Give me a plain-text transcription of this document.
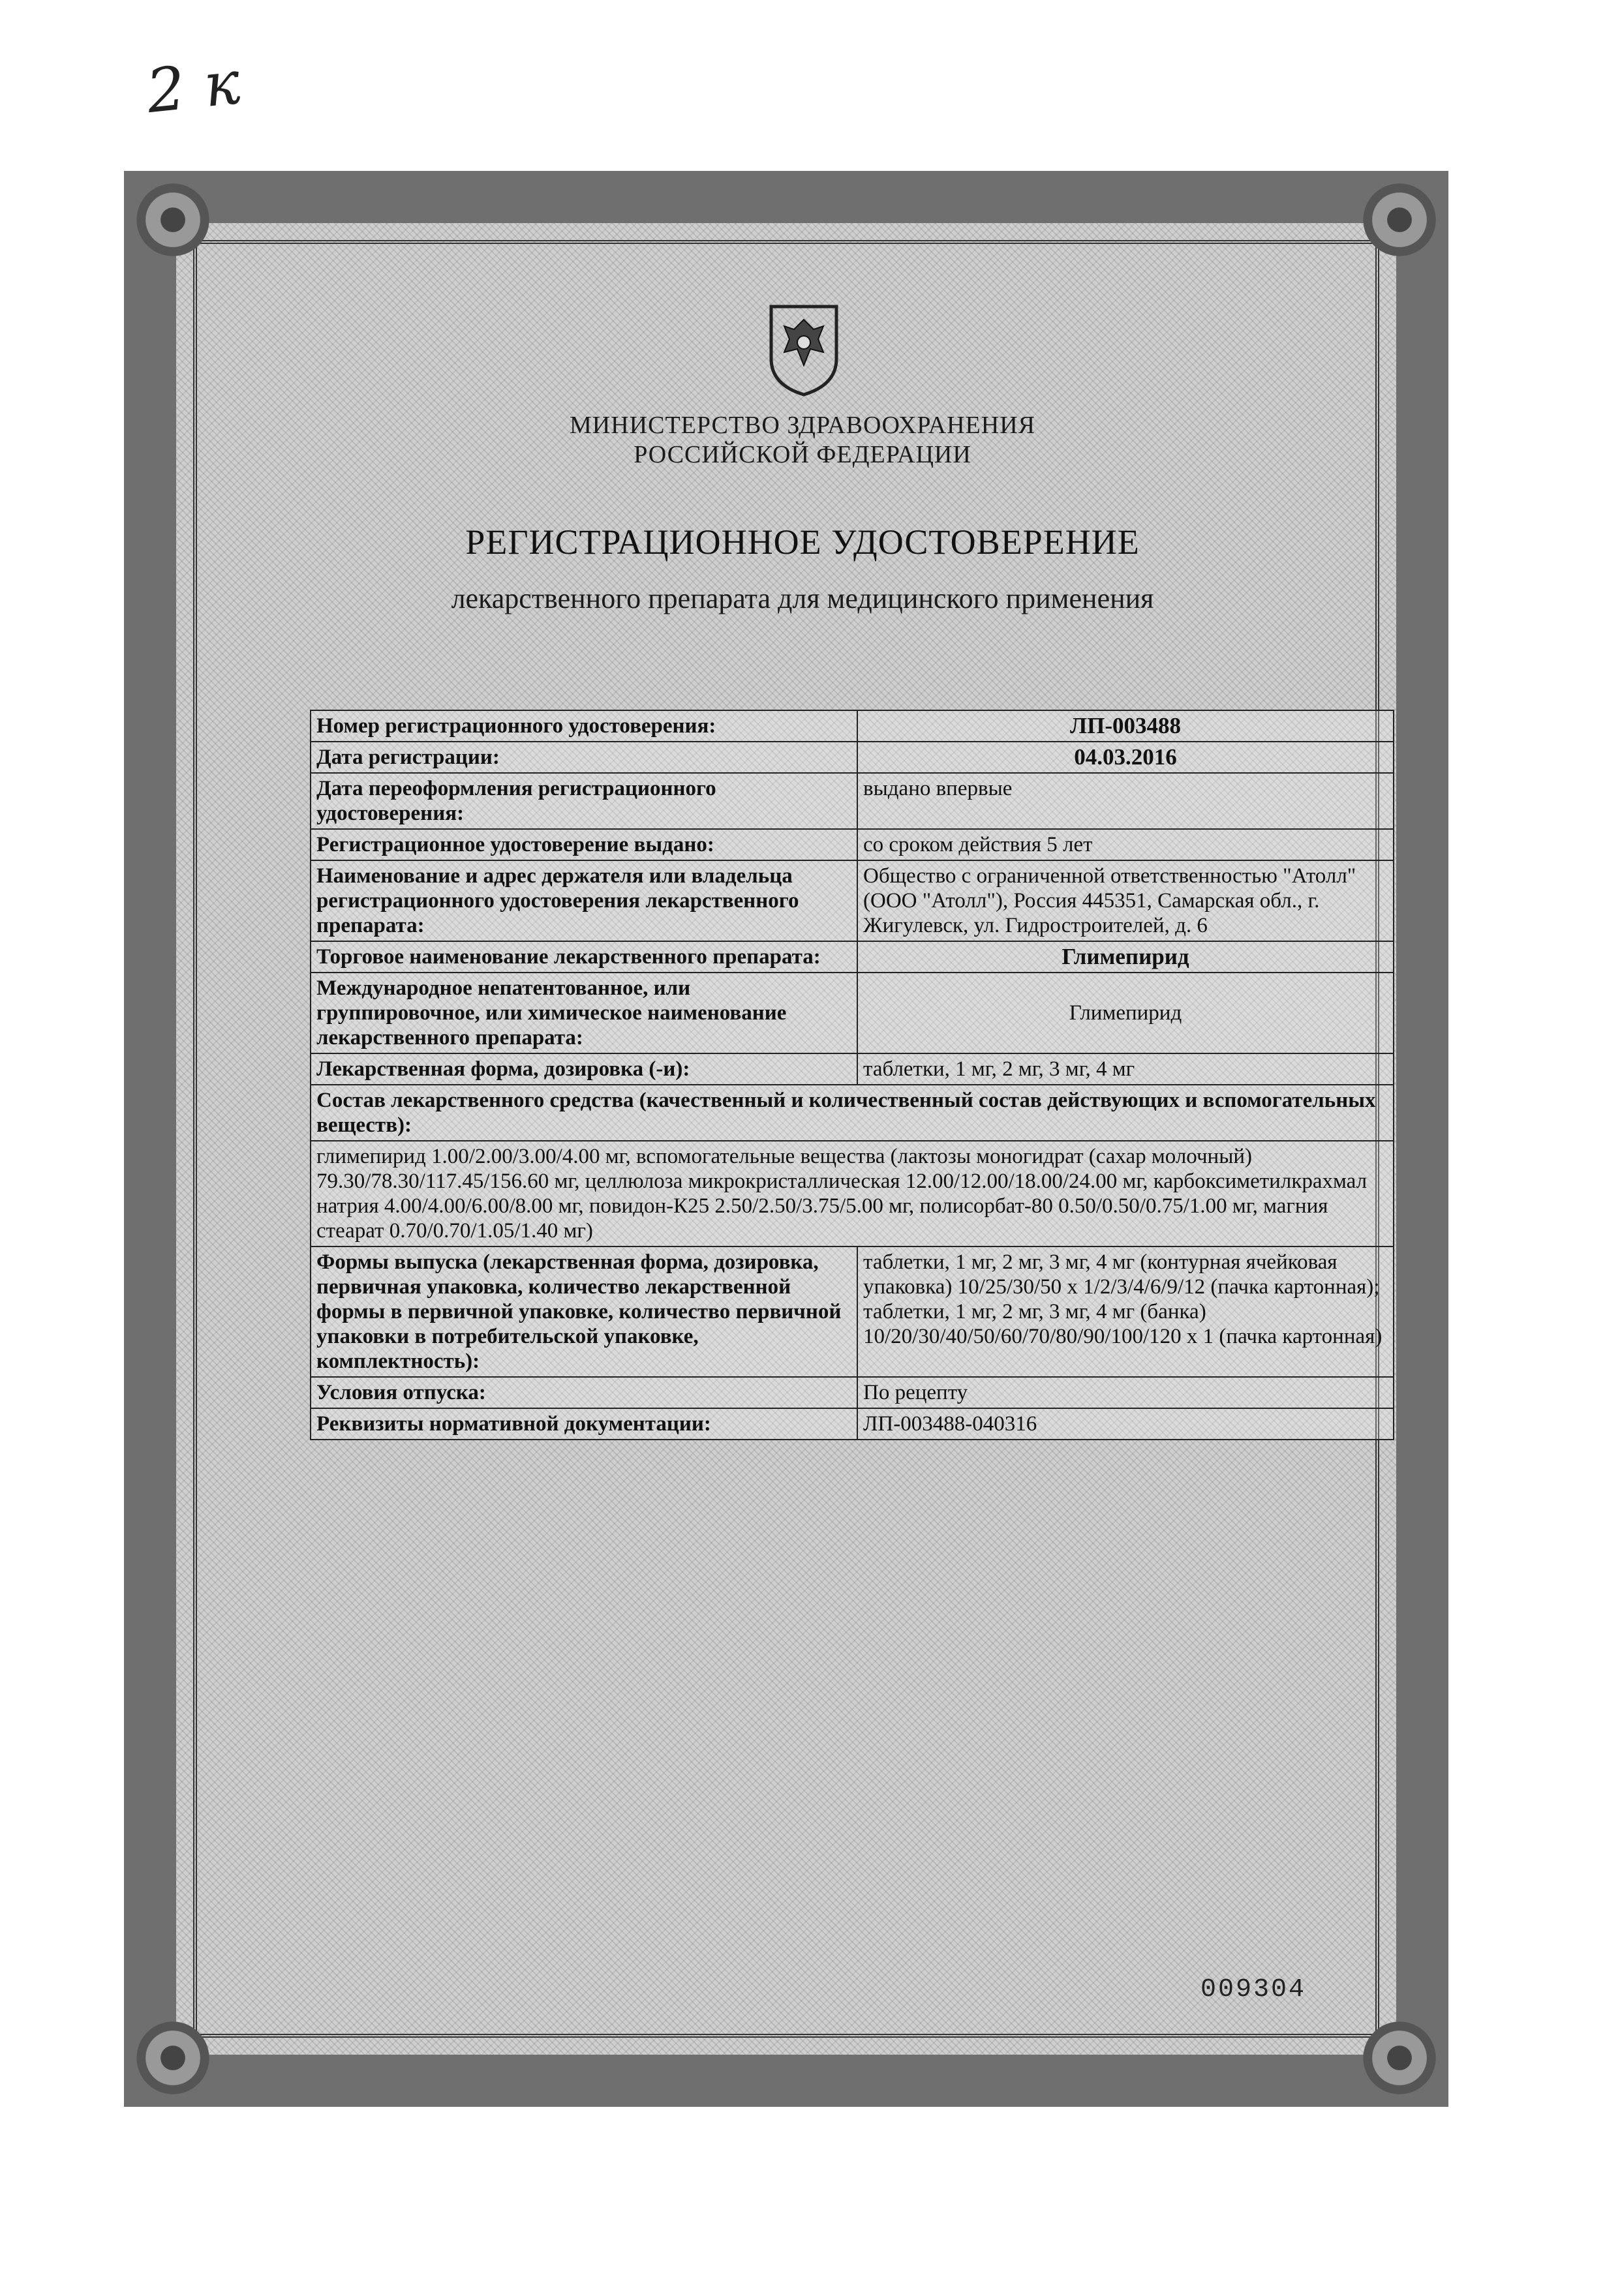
2 к
МИНИСТЕРСТВО ЗДРАВООХРАНЕНИЯ
РОССИЙСКОЙ ФЕДЕРАЦИИ
РЕГИСТРАЦИОННОЕ УДОСТОВЕРЕНИЕ
лекарственного препарата для медицинского применения
Номер регистрационного удостоверения:	ЛП-003488
Дата регистрации:	04.03.2016
Дата переоформления регистрационного удостоверения:	выдано впервые
Регистрационное удостоверение выдано:	со сроком действия 5 лет
Наименование и адрес держателя или владельца регистрационного удостоверения лекарственного препарата:	Общество с ограниченной ответственностью "Атолл" (ООО "Атолл"), Россия 445351, Самарская обл., г. Жигулевск, ул. Гидростроителей, д. 6
Торговое наименование лекарственного препарата:	Глимепирид
Международное непатентованное, или группировочное, или химическое наименование лекарственного препарата:	Глимепирид
Лекарственная форма, дозировка (-и):	таблетки, 1 мг, 2 мг, 3 мг, 4 мг
Состав лекарственного средства (качественный и количественный состав действующих и вспомогательных веществ):	
глимепирид 1.00/2.00/3.00/4.00 мг, вспомогательные вещества (лактозы моногидрат (сахар молочный) 79.30/78.30/117.45/156.60 мг, целлюлоза микрокристаллическая 12.00/12.00/18.00/24.00 мг, карбоксиметилкрахмал натрия 4.00/4.00/6.00/8.00 мг, повидон-К25 2.50/2.50/3.75/5.00 мг, полисорбат-80 0.50/0.50/0.75/1.00 мг, магния стеарат 0.70/0.70/1.05/1.40 мг)	
Формы выпуска (лекарственная форма, дозировка, первичная упаковка, количество лекарственной формы в первичной упаковке, количество первичной упаковки в потребительской упаковке, комплектность):	таблетки, 1 мг, 2 мг, 3 мг, 4 мг (контурная ячейковая упаковка) 10/25/30/50 x 1/2/3/4/6/9/12 (пачка картонная); таблетки, 1 мг, 2 мг, 3 мг, 4 мг (банка) 10/20/30/40/50/60/70/80/90/100/120 x 1 (пачка картонная)
Условия отпуска:	По рецепту
Реквизиты нормативной документации:	ЛП-003488-040316
009304
